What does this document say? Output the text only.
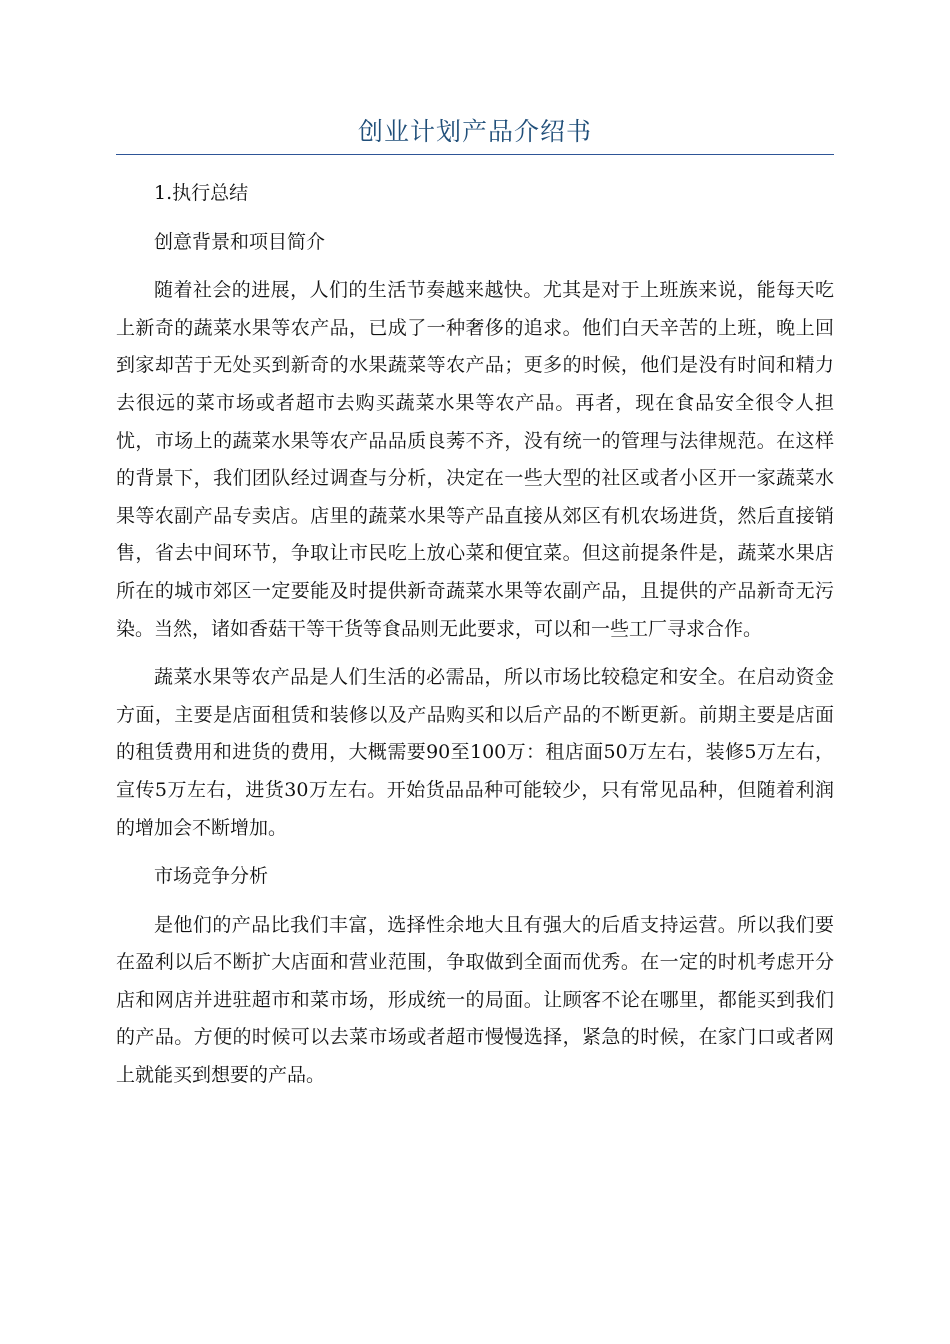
创业计划产品介绍书

1.执行总结

创意背景和项目简介

随着社会的进展，人们的生活节奏越来越快。尤其是对于上班族来说，能每天吃上新奇的蔬菜水果等农产品，已成了一种奢侈的追求。他们白天辛苦的上班，晚上回到家却苦于无处买到新奇的水果蔬菜等农产品；更多的时候，他们是没有时间和精力去很远的菜市场或者超市去购买蔬菜水果等农产品。再者，现在食品安全很令人担忧，市场上的蔬菜水果等农产品品质良莠不齐，没有统一的管理与法律规范。在这样的背景下，我们团队经过调查与分析，决定在一些大型的社区或者小区开一家蔬菜水果等农副产品专卖店。店里的蔬菜水果等产品直接从郊区有机农场进货，然后直接销售，省去中间环节，争取让市民吃上放心菜和便宜菜。但这前提条件是，蔬菜水果店所在的城市郊区一定要能及时提供新奇蔬菜水果等农副产品，且提供的产品新奇无污染。当然，诸如香菇干等干货等食品则无此要求，可以和一些工厂寻求合作。

蔬菜水果等农产品是人们生活的必需品，所以市场比较稳定和安全。在启动资金方面，主要是店面租赁和装修以及产品购买和以后产品的不断更新。前期主要是店面的租赁费用和进货的费用，大概需要90至100万：租店面50万左右，装修5万左右，宣传5万左右，进货30万左右。开始货品品种可能较少，只有常见品种，但随着利润的增加会不断增加。

市场竞争分析

是他们的产品比我们丰富，选择性余地大且有强大的后盾支持运营。所以我们要在盈利以后不断扩大店面和营业范围，争取做到全面而优秀。在一定的时机考虑开分店和网店并进驻超市和菜市场，形成统一的局面。让顾客不论在哪里，都能买到我们的产品。方便的时候可以去菜市场或者超市慢慢选择，紧急的时候，在家门口或者网上就能买到想要的产品。
